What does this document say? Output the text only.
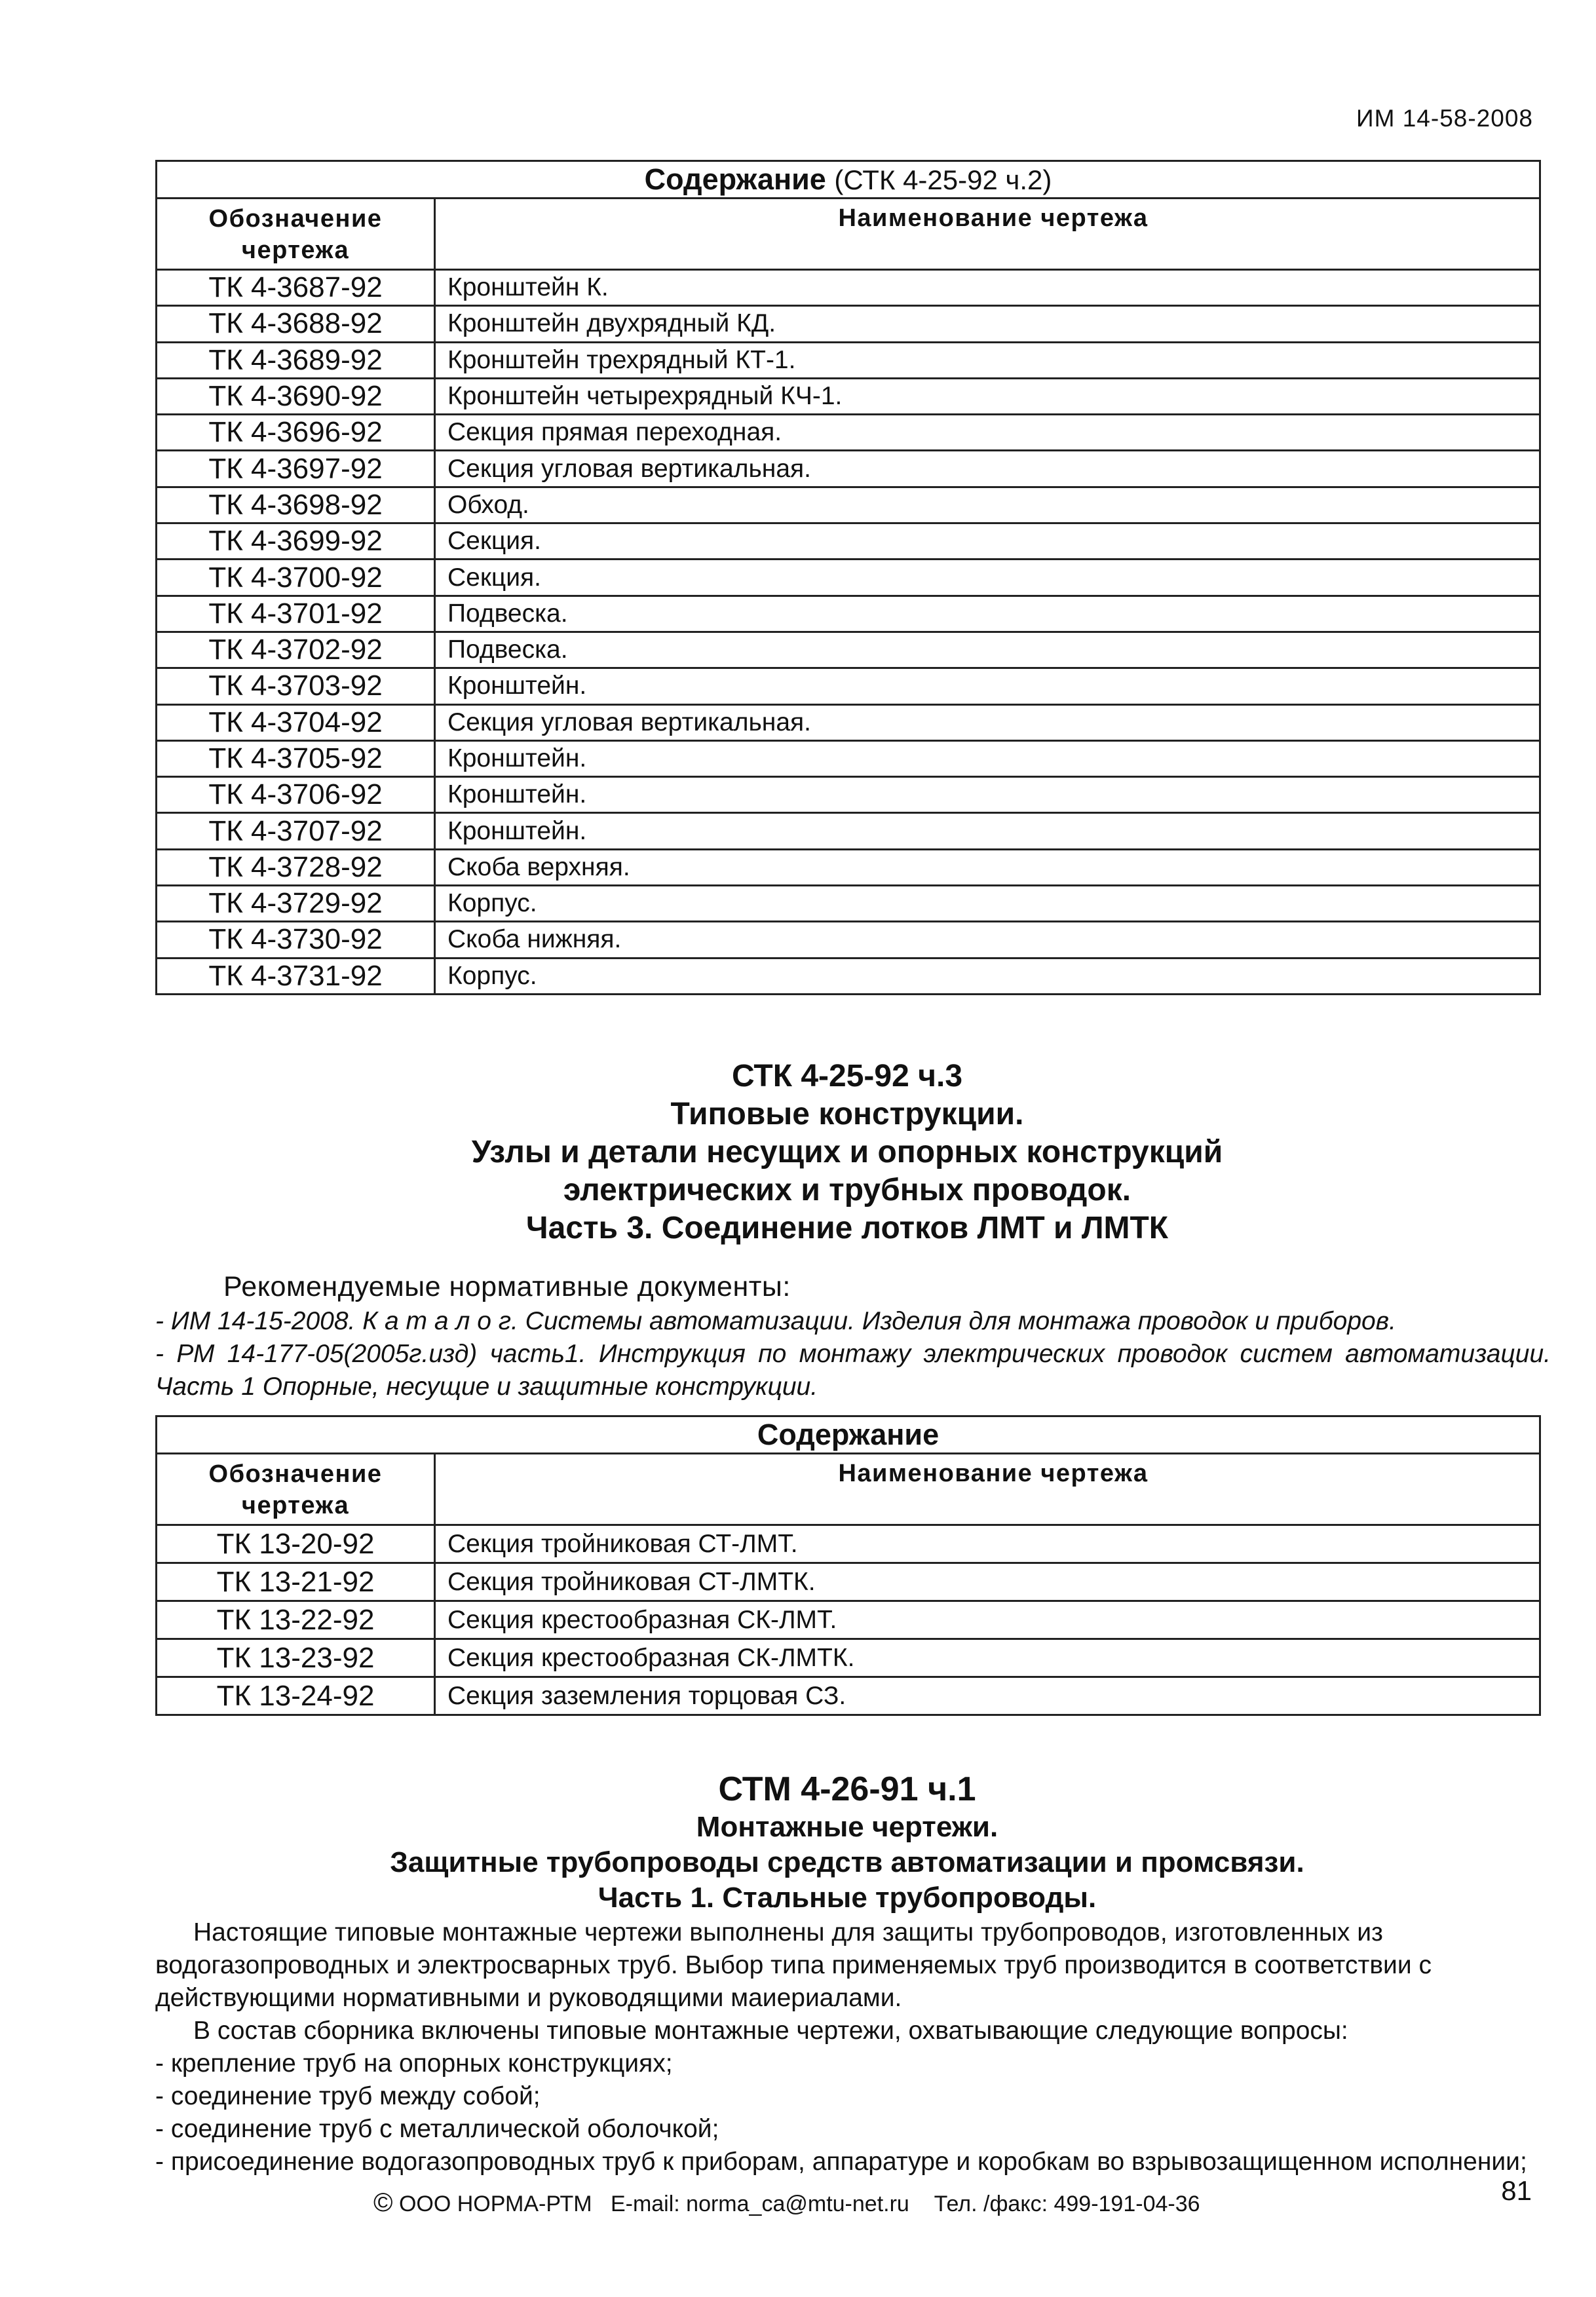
ИМ 14-58-2008
Содержание (СТК 4-25-92 ч.2)	
Обозначение чертежа	Наименование чертежа
ТК 4-3687-92	Кронштейн К.
ТК 4-3688-92	Кронштейн двухрядный КД.
ТК 4-3689-92	Кронштейн трехрядный КТ-1.
ТК 4-3690-92	Кронштейн четырехрядный КЧ-1.
ТК 4-3696-92	Секция прямая переходная.
ТК 4-3697-92	Секция угловая вертикальная.
ТК 4-3698-92	Обход.
ТК 4-3699-92	Секция.
ТК 4-3700-92	Секция.
ТК 4-3701-92	Подвеска.
ТК 4-3702-92	Подвеска.
ТК 4-3703-92	Кронштейн.
ТК 4-3704-92	Секция угловая вертикальная.
ТК 4-3705-92	Кронштейн.
ТК 4-3706-92	Кронштейн.
ТК 4-3707-92	Кронштейн.
ТК 4-3728-92	Скоба верхняя.
ТК 4-3729-92	Корпус.
ТК 4-3730-92	Скоба нижняя.
ТК 4-3731-92	Корпус.
СТК 4-25-92 ч.3
Типовые конструкции.
Узлы и детали несущих и опорных конструкций
электрических и трубных проводок.
Часть 3. Соединение лотков ЛМТ и ЛМТК
Рекомендуемые нормативные документы:
- ИМ 14-15-2008. К а т а л о г. Системы автоматизации. Изделия для монтажа проводок и приборов.
- РМ 14-177-05(2005г.изд) часть1. Инструкция по монтажу электрических проводок систем автоматизации. Часть 1 Опорные, несущие и защитные конструкции.
Содержание	
Обозначение чертежа	Наименование чертежа
ТК 13-20-92	Секция тройниковая СТ-ЛМТ.
ТК 13-21-92	Секция тройниковая СТ-ЛМТК.
ТК 13-22-92	Секция крестообразная СК-ЛМТ.
ТК 13-23-92	Секция крестообразная СК-ЛМТК.
ТК 13-24-92	Секция заземления торцовая СЗ.
СТМ 4-26-91 ч.1
Монтажные чертежи.
Защитные трубопроводы средств автоматизации и промсвязи.
Часть 1. Стальные трубопроводы.

Настоящие типовые монтажные чертежи выполнены для защиты трубопроводов, изготовленных из водогазопроводных и электросварных труб. Выбор типа применяемых труб производится в соответствии с действующими нормативными и руководящими маиериалами.

В состав сборника включены типовые монтажные чертежи, охватывающие следующие вопросы:

- крепление труб на опорных конструкциях;

- соединение труб между собой;

- соединение труб с металлической оболочкой;

- присоединение водогазопроводных труб к приборам, аппаратуре и коробкам во взрывозащищенном исполнении;

© ООО НОРМА-РТМ E-mail: norma_ca@mtu-net.ru Тел. /факс: 499-191-04-36	81
